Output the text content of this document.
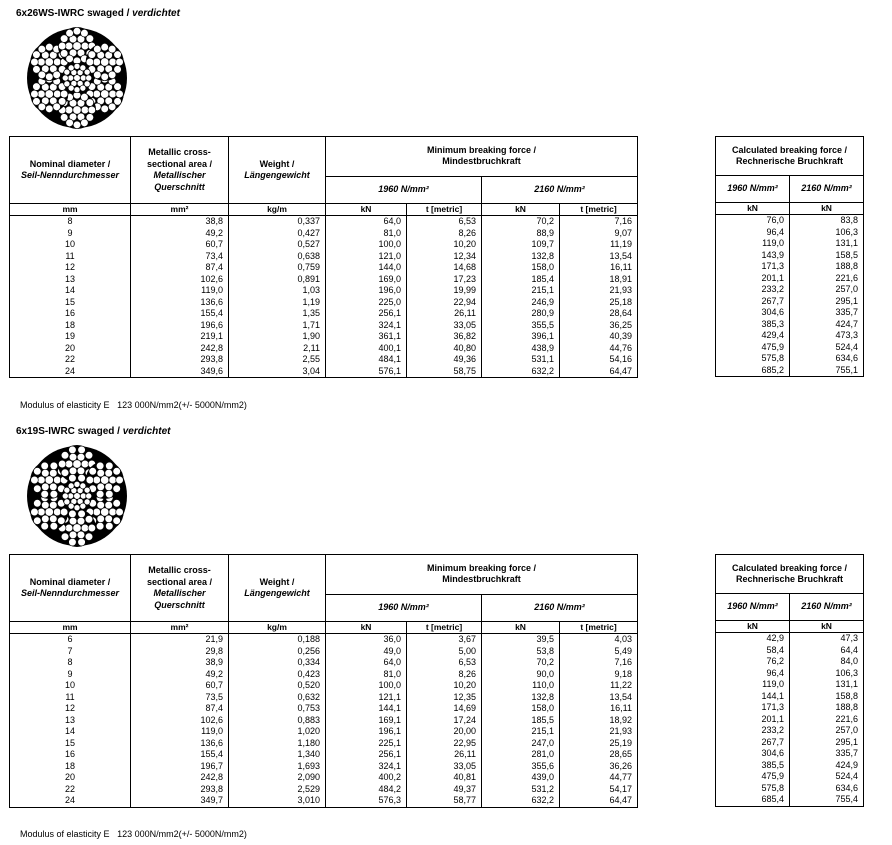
6x26WS-IWRC swaged / verdichtet
Nominal diameter /
Seil-Nenndurchmesser	Metallic cross-
sectional area /
Metallischer
Querschnitt	Weight /
Längengewicht	Minimum breaking force /
Mindestbruchkraft			
			1960 N/mm²		2160 N/mm²	
mm	mm²	kg/m	kN	t [metric]	kN	t [metric]
8	38,8	0,337	64,0	6,53	70,2	7,16
9	49,2	0,427	81,0	8,26	88,9	9,07
10	60,7	0,527	100,0	10,20	109,7	11,19
11	73,4	0,638	121,0	12,34	132,8	13,54
12	87,4	0,759	144,0	14,68	158,0	16,11
13	102,6	0,891	169,0	17,23	185,4	18,91
14	119,0	1,03	196,0	19,99	215,1	21,93
15	136,6	1,19	225,0	22,94	246,9	25,18
16	155,4	1,35	256,1	26,11	280,9	28,64
18	196,6	1,71	324,1	33,05	355,5	36,25
19	219,1	1,90	361,1	36,82	396,1	40,39
20	242,8	2,11	400,1	40,80	438,9	44,76
22	293,8	2,55	484,1	49,36	531,1	54,16
24	349,6	3,04	576,1	58,75	632,2	64,47
Calculated breaking force /
Rechnerische Bruchkraft	
1960 N/mm²	2160 N/mm²
kN	kN
76,0	83,8
96,4	106,3
119,0	131,1
143,9	158,5
171,3	188,8
201,1	221,6
233,2	257,0
267,7	295,1
304,6	335,7
385,3	424,7
429,4	473,3
475,9	524,4
575,8	634,6
685,2	755,1
Modulus of elasticity E 123 000N/mm2(+/- 5000N/mm2)
6x19S-IWRC swaged / verdichtet
Nominal diameter /
Seil-Nenndurchmesser	Metallic cross-
sectional area /
Metallischer
Querschnitt	Weight /
Längengewicht	Minimum breaking force /
Mindestbruchkraft			
			1960 N/mm²		2160 N/mm²	
mm	mm²	kg/m	kN	t [metric]	kN	t [metric]
6	21,9	0,188	36,0	3,67	39,5	4,03
7	29,8	0,256	49,0	5,00	53,8	5,49
8	38,9	0,334	64,0	6,53	70,2	7,16
9	49,2	0,423	81,0	8,26	90,0	9,18
10	60,7	0,520	100,0	10,20	110,0	11,22
11	73,5	0,632	121,1	12,35	132,8	13,54
12	87,4	0,753	144,1	14,69	158,0	16,11
13	102,6	0,883	169,1	17,24	185,5	18,92
14	119,0	1,020	196,1	20,00	215,1	21,93
15	136,6	1,180	225,1	22,95	247,0	25,19
16	155,4	1,340	256,1	26,11	281,0	28,65
18	196,7	1,693	324,1	33,05	355,6	36,26
20	242,8	2,090	400,2	40,81	439,0	44,77
22	293,8	2,529	484,2	49,37	531,2	54,17
24	349,7	3,010	576,3	58,77	632,2	64,47
Calculated breaking force /
Rechnerische Bruchkraft	
1960 N/mm²	2160 N/mm²
kN	kN
42,9	47,3
58,4	64,4
76,2	84,0
96,4	106,3
119,0	131,1
144,1	158,8
171,3	188,8
201,1	221,6
233,2	257,0
267,7	295,1
304,6	335,7
385,5	424,9
475,9	524,4
575,8	634,6
685,4	755,4
Modulus of elasticity E 123 000N/mm2(+/- 5000N/mm2)
